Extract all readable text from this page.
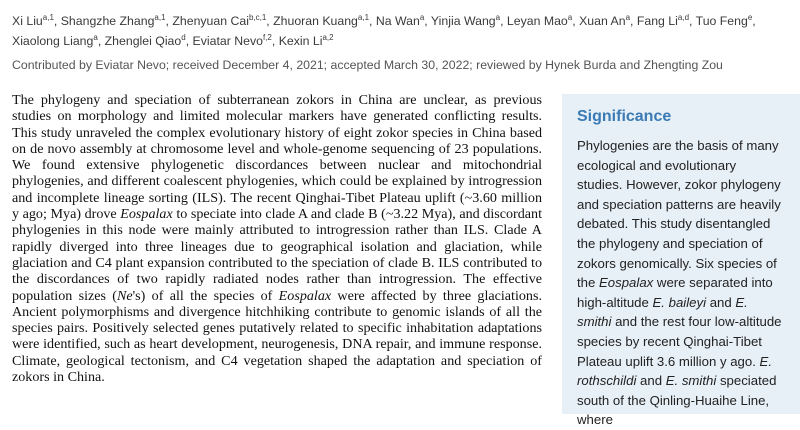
Xi Liu$^{a,1}$, Shangzhe Zhang$^{a,1}$, Zhenyuan Cai$^{b,c,1}$, Zhuoran Kuang$^{a,1}$, Na Wan$^a$, Yinjia Wang$^a$, Leyan Mao$^a$, Xuan An$^a$, Fang Li$^{a,d}$, Tuo Feng$^e$, Xiaolong Liang$^a$, Zhenglei Qiao$^d$, Eviatar Nevo$^{f,2}$, Kexin Li$^{a,2}$
Contributed by Eviatar Nevo; received December 4, 2021; accepted March 30, 2022; reviewed by Hynek Burda and Zhengting Zou

The phylogeny and speciation of subterranean zokors in China are unclear, as previous studies on morphology and limited molecular markers have generated conflicting results. This study unraveled the complex evolutionary history of eight zokor species in China based on de novo assembly at chromosome level and whole-genome sequencing of 23 populations. We found extensive phylogenetic discordances between nuclear and mitochondrial phylogenies, and different coalescent phylogenies, which could be explained by introgression and incomplete lineage sorting (ILS). The recent Qinghai-Tibet Plateau uplift (~3.60 million y ago; Mya) drove Eospalax to speciate into clade A and clade B (~3.22 Mya), and discordant phylogenies in this node were mainly attributed to introgression rather than ILS. Clade A rapidly diverged into three lineages due to geographical isolation and glaciation, while glaciation and C4 plant expansion contributed to the speciation of clade B. ILS contributed to the discordances of two rapidly radiated nodes rather than introgression. The effective population sizes (Ne's) of all the species of Eospalax were affected by three glaciations. Ancient polymorphisms and divergence hitchhiking contribute to genomic islands of all the species pairs. Positively selected genes putatively related to specific inhabitation adaptations were identified, such as heart development, neurogenesis, DNA repair, and immune response. Climate, geological tectonism, and C4 vegetation shaped the adaptation and speciation of zokors in China.

Significance

Phylogenies are the basis of many ecological and evolutionary studies. However, zokor phylogeny and speciation patterns are heavily debated. This study disentangled the phylogeny and speciation of zokors genomically. Six species of the Eospalax were separated into high-altitude E. baileyi and E. smithi and the rest four low-altitude species by recent Qinghai-Tibet Plateau uplift 3.6 million y ago. E. rothschildi and E. smithi speciated south of the Qinling-Huaihe Line, where
